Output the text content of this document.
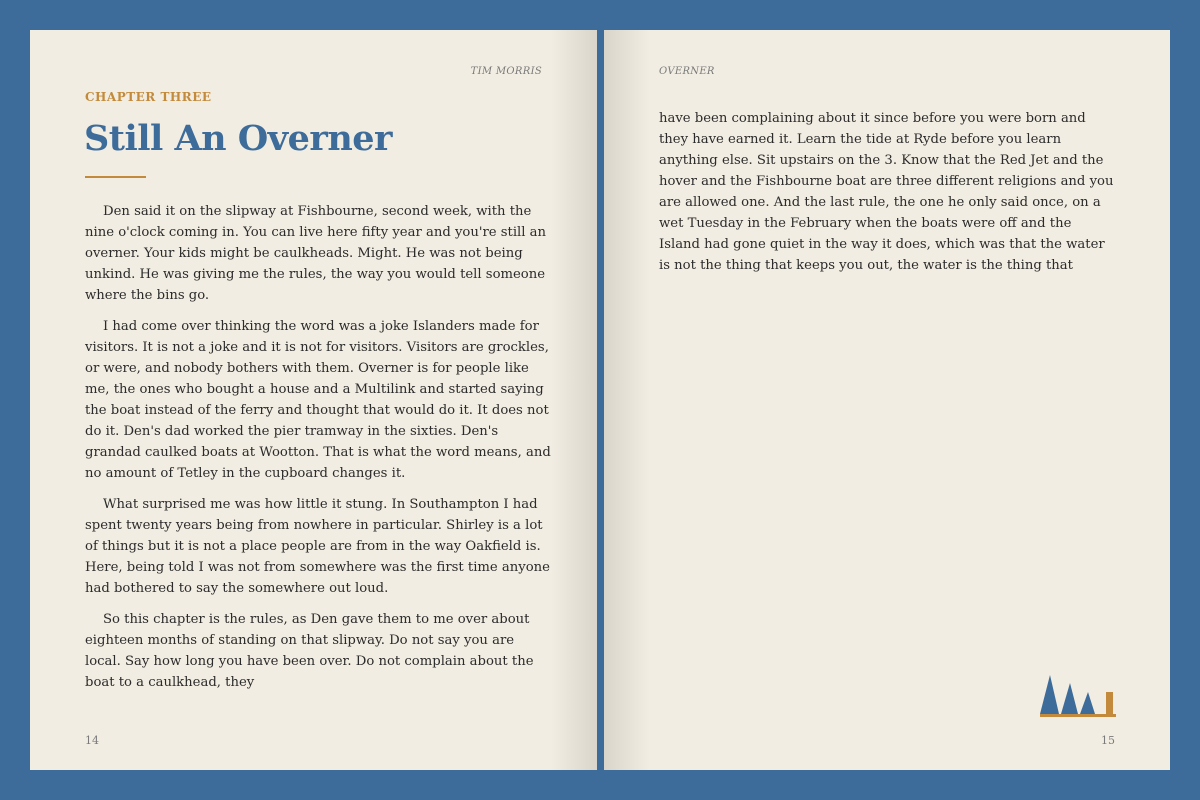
TIM MORRIS
CHAPTER THREE
Still An Overner

Den said it on the slipway at Fishbourne, second week, with the nine o'clock coming in. You can live here fifty year and you're still an overner. Your kids might be caulkheads. Might. He was not being unkind. He was giving me the rules, the way you would tell someone where the bins go.

I had come over thinking the word was a joke Islanders made for visitors. It is not a joke and it is not for visitors. Visitors are grockles, or were, and nobody bothers with them. Overner is for people like me, the ones who bought a house and a Multilink and started saying the boat instead of the ferry and thought that would do it. It does not do it. Den's dad worked the pier tramway in the sixties. Den's grandad caulked boats at Wootton. That is what the word means, and no amount of Tetley in the cupboard changes it.

What surprised me was how little it stung. In Southampton I had spent twenty years being from nowhere in particular. Shirley is a lot of things but it is not a place people are from in the way Oakfield is. Here, being told I was not from somewhere was the first time anyone had bothered to say the somewhere out loud.

So this chapter is the rules, as Den gave them to me over about eighteen months of standing on that slipway. Do not say you are local. Say how long you have been over. Do not complain about the boat to a caulkhead, they

14
OVERNER

have been complaining about it since before you were born and they have earned it. Learn the tide at Ryde before you learn anything else. Sit upstairs on the 3. Know that the Red Jet and the hover and the Fishbourne boat are three different religions and you are allowed one. And the last rule, the one he only said once, on a wet Tuesday in the February when the boats were off and the Island had gone quiet in the way it does, which was that the water is not the thing that keeps you out, the water is the thing that

15
